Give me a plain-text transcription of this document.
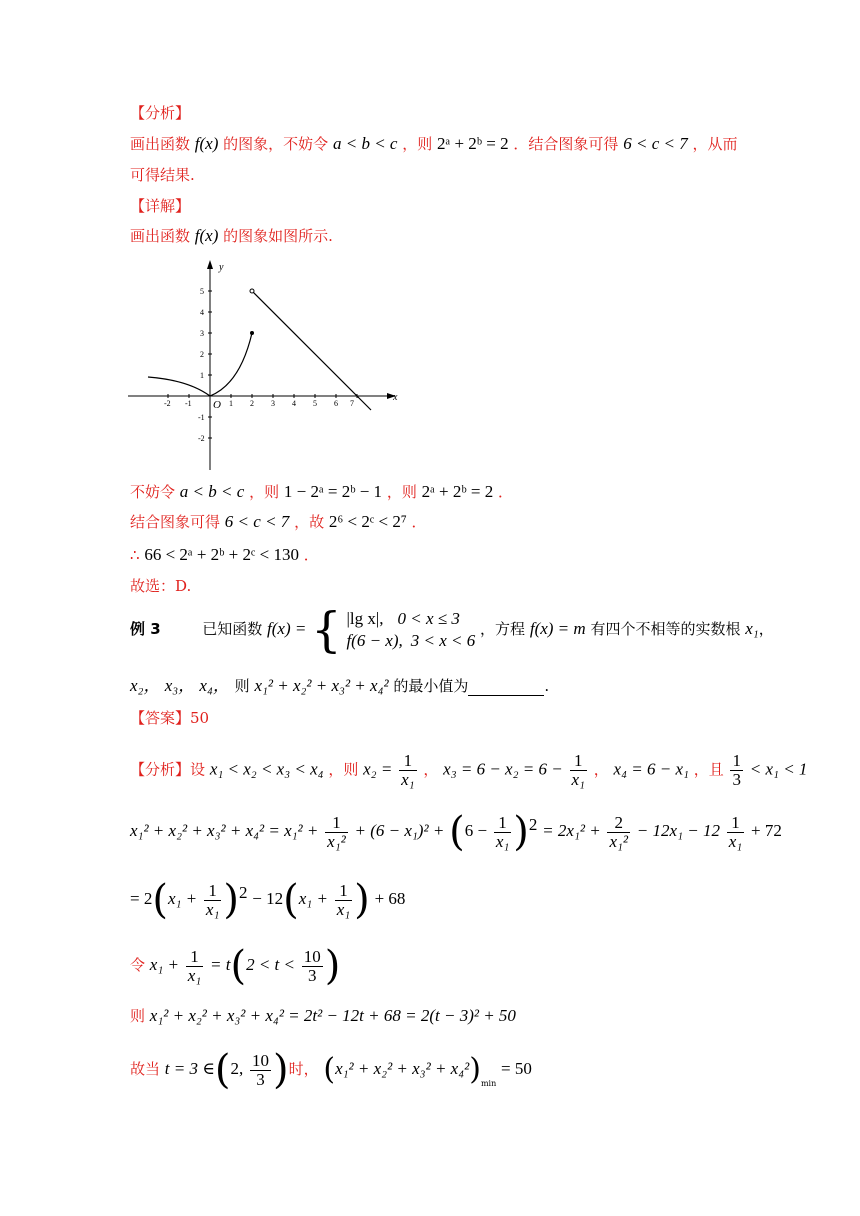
【分析】
画出函数 f(x) 的图象，不妨令 a < b < c ，则 2ᵃ + 2ᵇ = 2 ．结合图象可得 6 < c < 7 ，从而
可得结果.
【详解】
画出函数 f(x) 的图象如图所示.
-2 -1	1 2 3 4 5 6 7
5
4
3
2
1
-1
-2
x
y
O
不妨令 a < b < c ，则 1 − 2ᵃ = 2ᵇ − 1 ，则 2ᵃ + 2ᵇ = 2 ．
结合图象可得 6 < c < 7 ，故 2⁶ < 2ᶜ < 2⁷ ．
∴ 66 < 2ᵃ + 2ᵇ + 2ᶜ < 130 ．
故选：D.
例 3	已知函数 f(x) = { |lg x|, 0 < x ≤ 3
f(6 − x), 3 < x < 6
，方程 f(x) = m 有四个不相等的实数根 x₁，
x₂， x₃， x₄， 则 x₁² + x₂² + x₃² + x₄² 的最小值为	.
【答案】50
【分析】设 x₁ < x₂ < x₃ < x₄ ，则 $x_2 = \frac{1}{\text{x₁}}$ ， $x_3 = 6 - x_2 = 6 - \frac{1}{\text{x₁}}$ ， x₄ = 6 − x₁ ，且 $\frac{1}{3} < x_1 < 1$
$x_1^2 + x_2^2 + x_3^2 + x_4^2 = x_1^2 + \frac{1}{\text{x₁²}} + (6 - x_1)^2 + (6 - \frac{1}{\text{x₁}} )^2 = 2x_1^2 + \frac{2}{\text{x₁²}} - 12x_1 - 12 \frac{1}{\text{x₁}} + 72$
= $2(x_1 + \frac{1}{\text{x₁}} )^2 - 12(x_1 + \frac{1}{\text{x₁}}$ ) + 68
令 $x_1 + \frac{1}{\text{x₁}} = t(2 < t < \frac{10}{3}$ )
则 x₁² + x₂² + x₃² + x₄² = 2t² − 12t + 68 = 2(t − 3)² + 50
故当 t = 3 ∈(2, $\frac{10}{3}$ )时， $(x_1^2 + x_2^2 + x_3^2 + x_4^2)_{min} = 50$
